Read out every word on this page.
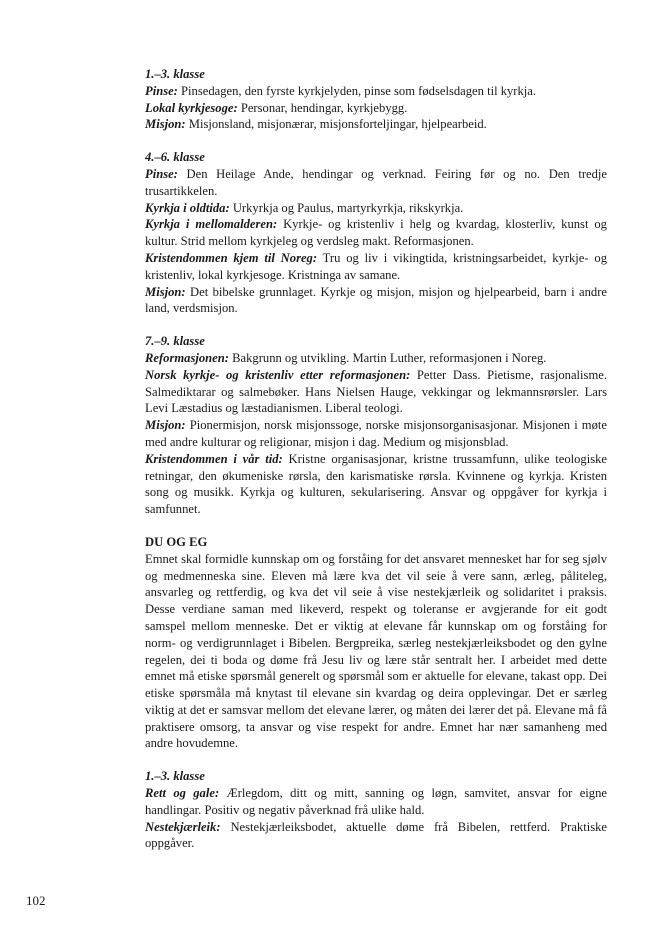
1.–3. klasse
Pinse: Pinsedagen, den fyrste kyrkjelyden, pinse som fødselsdagen til kyrkja.
Lokal kyrkjesoge: Personar, hendingar, kyrkjebygg.
Misjon: Misjonsland, misjonærar, misjonsforteljingar, hjelpearbeid.
4.–6. klasse
Pinse: Den Heilage Ande, hendingar og verknad. Feiring før og no. Den tredje trusartikkelen.
Kyrkja i oldtida: Urkyrkja og Paulus, martyrkyrkja, rikskyrkja.
Kyrkja i mellomalderen: Kyrkje- og kristenliv i helg og kvardag, klosterliv, kunst og kultur. Strid mellom kyrkjeleg og verdsleg makt. Reformasjonen.
Kristendommen kjem til Noreg: Tru og liv i vikingtida, kristningsarbeidet, kyrkje- og kristenliv, lokal kyrkjesoge. Kristninga av samane.
Misjon: Det bibelske grunnlaget. Kyrkje og misjon, misjon og hjelpearbeid, barn i andre land, verdsmisjon.
7.–9. klasse
Reformasjonen: Bakgrunn og utvikling. Martin Luther, reformasjonen i Noreg.
Norsk kyrkje- og kristenliv etter reformasjonen: Petter Dass. Pietisme, rasjonalisme. Salmediktarar og salmebøker. Hans Nielsen Hauge, vekkingar og lekmannsrørsler. Lars Levi Læstadius og læstadianismen. Liberal teologi.
Misjon: Pionermisjon, norsk misjonssoge, norske misjonsorganisasjonar. Misjonen i møte med andre kulturar og religionar, misjon i dag. Medium og misjonsblad.
Kristendommen i vår tid: Kristne organisasjonar, kristne trussamfunn, ulike teologiske retningar, den økumeniske rørsla, den karismatiske rørsla. Kvinnene og kyrkja. Kristen song og musikk. Kyrkja og kulturen, sekularisering. Ansvar og oppgåver for kyrkja i samfunnet.
DU OG EG
Emnet skal formidle kunnskap om og forståing for det ansvaret mennesket har for seg sjølv og medmenneska sine. Eleven må lære kva det vil seie å vere sann, ærleg, påliteleg, ansvarleg og rettferdig, og kva det vil seie å vise nestekjærleik og solidaritet i praksis. Desse verdiane saman med likeverd, respekt og toleranse er avgjerande for eit godt samspel mellom menneske. Det er viktig at elevane får kunnskap om og forståing for norm- og verdigrunnlaget i Bibelen. Bergpreika, særleg nestekjærleiksbodet og den gylne regelen, dei ti boda og døme frå Jesu liv og lære står sentralt her. I arbeidet med dette emnet må etiske spørsmål generelt og spørsmål som er aktuelle for elevane, takast opp. Dei etiske spørsmåla må knytast til elevane sin kvardag og deira opplevingar. Det er særleg viktig at det er samsvar mellom det elevane lærer, og måten dei lærer det på. Elevane må få praktisere omsorg, ta ansvar og vise respekt for andre. Emnet har nær samanheng med andre hovudemne.
1.–3. klasse
Rett og gale: Ærlegdom, ditt og mitt, sanning og løgn, samvitet, ansvar for eigne handlingar. Positiv og negativ påverknad frå ulike hald.
Nestekjærleik: Nestekjærleiksbodet, aktuelle døme frå Bibelen, rettferd. Praktiske oppgåver.
102
